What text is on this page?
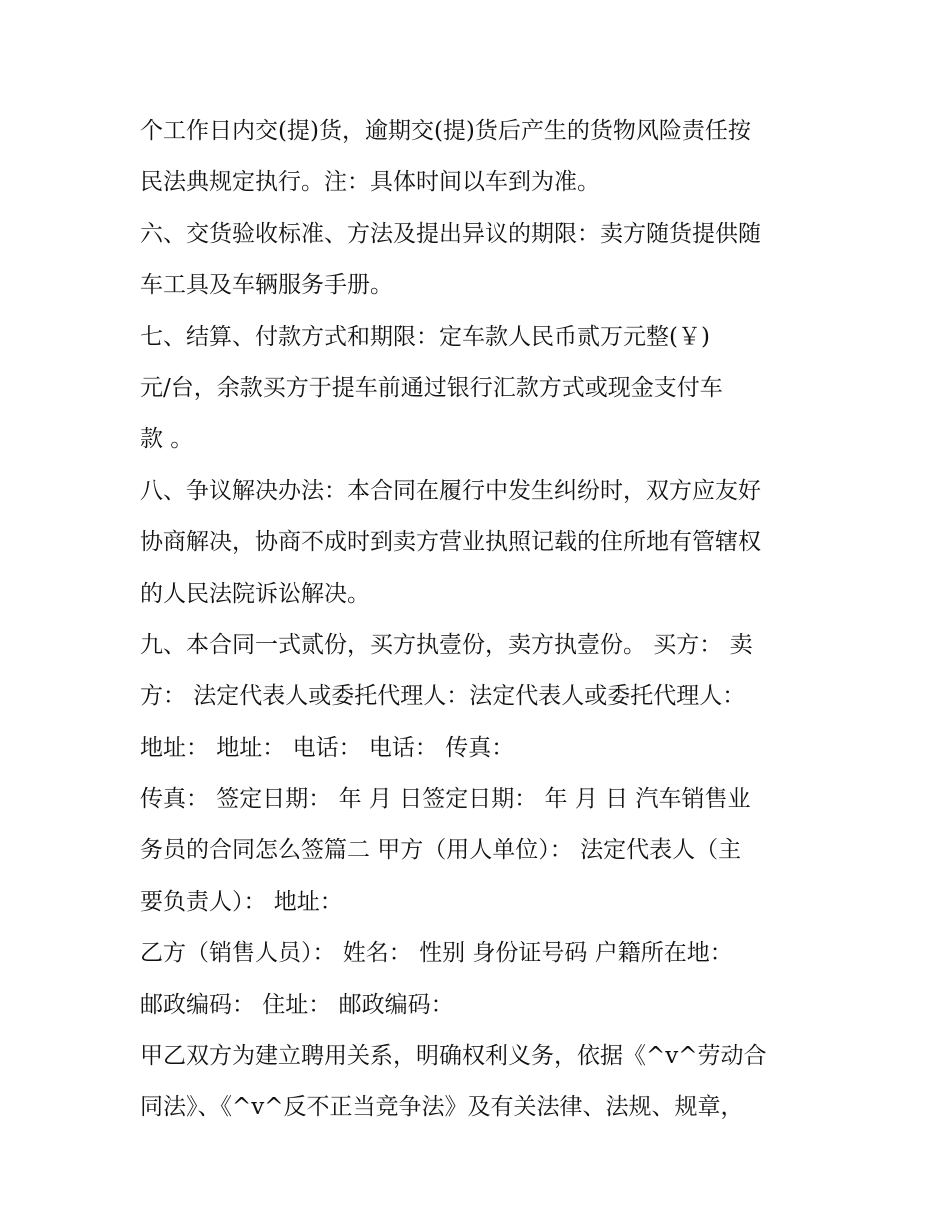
个工作日内交(提)货，逾期交(提)货后产生的货物风险责任按
民法典规定执行。注：具体时间以车到为准。
六、交货验收标准、方法及提出异议的期限：卖方随货提供随
车工具及车辆服务手册。
七、结算、付款方式和期限：定车款人民币贰万元整(￥)
元/台，余款买方于提车前通过银行汇款方式或现金支付车
款 。
八、争议解决办法：本合同在履行中发生纠纷时，双方应友好
协商解决，协商不成时到卖方营业执照记载的住所地有管辖权
的人民法院诉讼解决。
九、本合同一式贰份，买方执壹份，卖方执壹份。 买方： 卖
方： 法定代表人或委托代理人：法定代表人或委托代理人：
地址： 地址： 电话： 电话： 传真：
传真： 签定日期： 年 月 日签定日期： 年 月 日 汽车销售业
务员的合同怎么签篇二 甲方（用人单位）： 法定代表人（主
要负责人）： 地址：
乙方（销售人员）： 姓名： 性别 身份证号码 户籍所在地：
邮政编码： 住址： 邮政编码：
甲乙双方为建立聘用关系，明确权利义务，依据《^v^劳动合
同法》、《^v^反不正当竞争法》及有关法律、法规、规章，
